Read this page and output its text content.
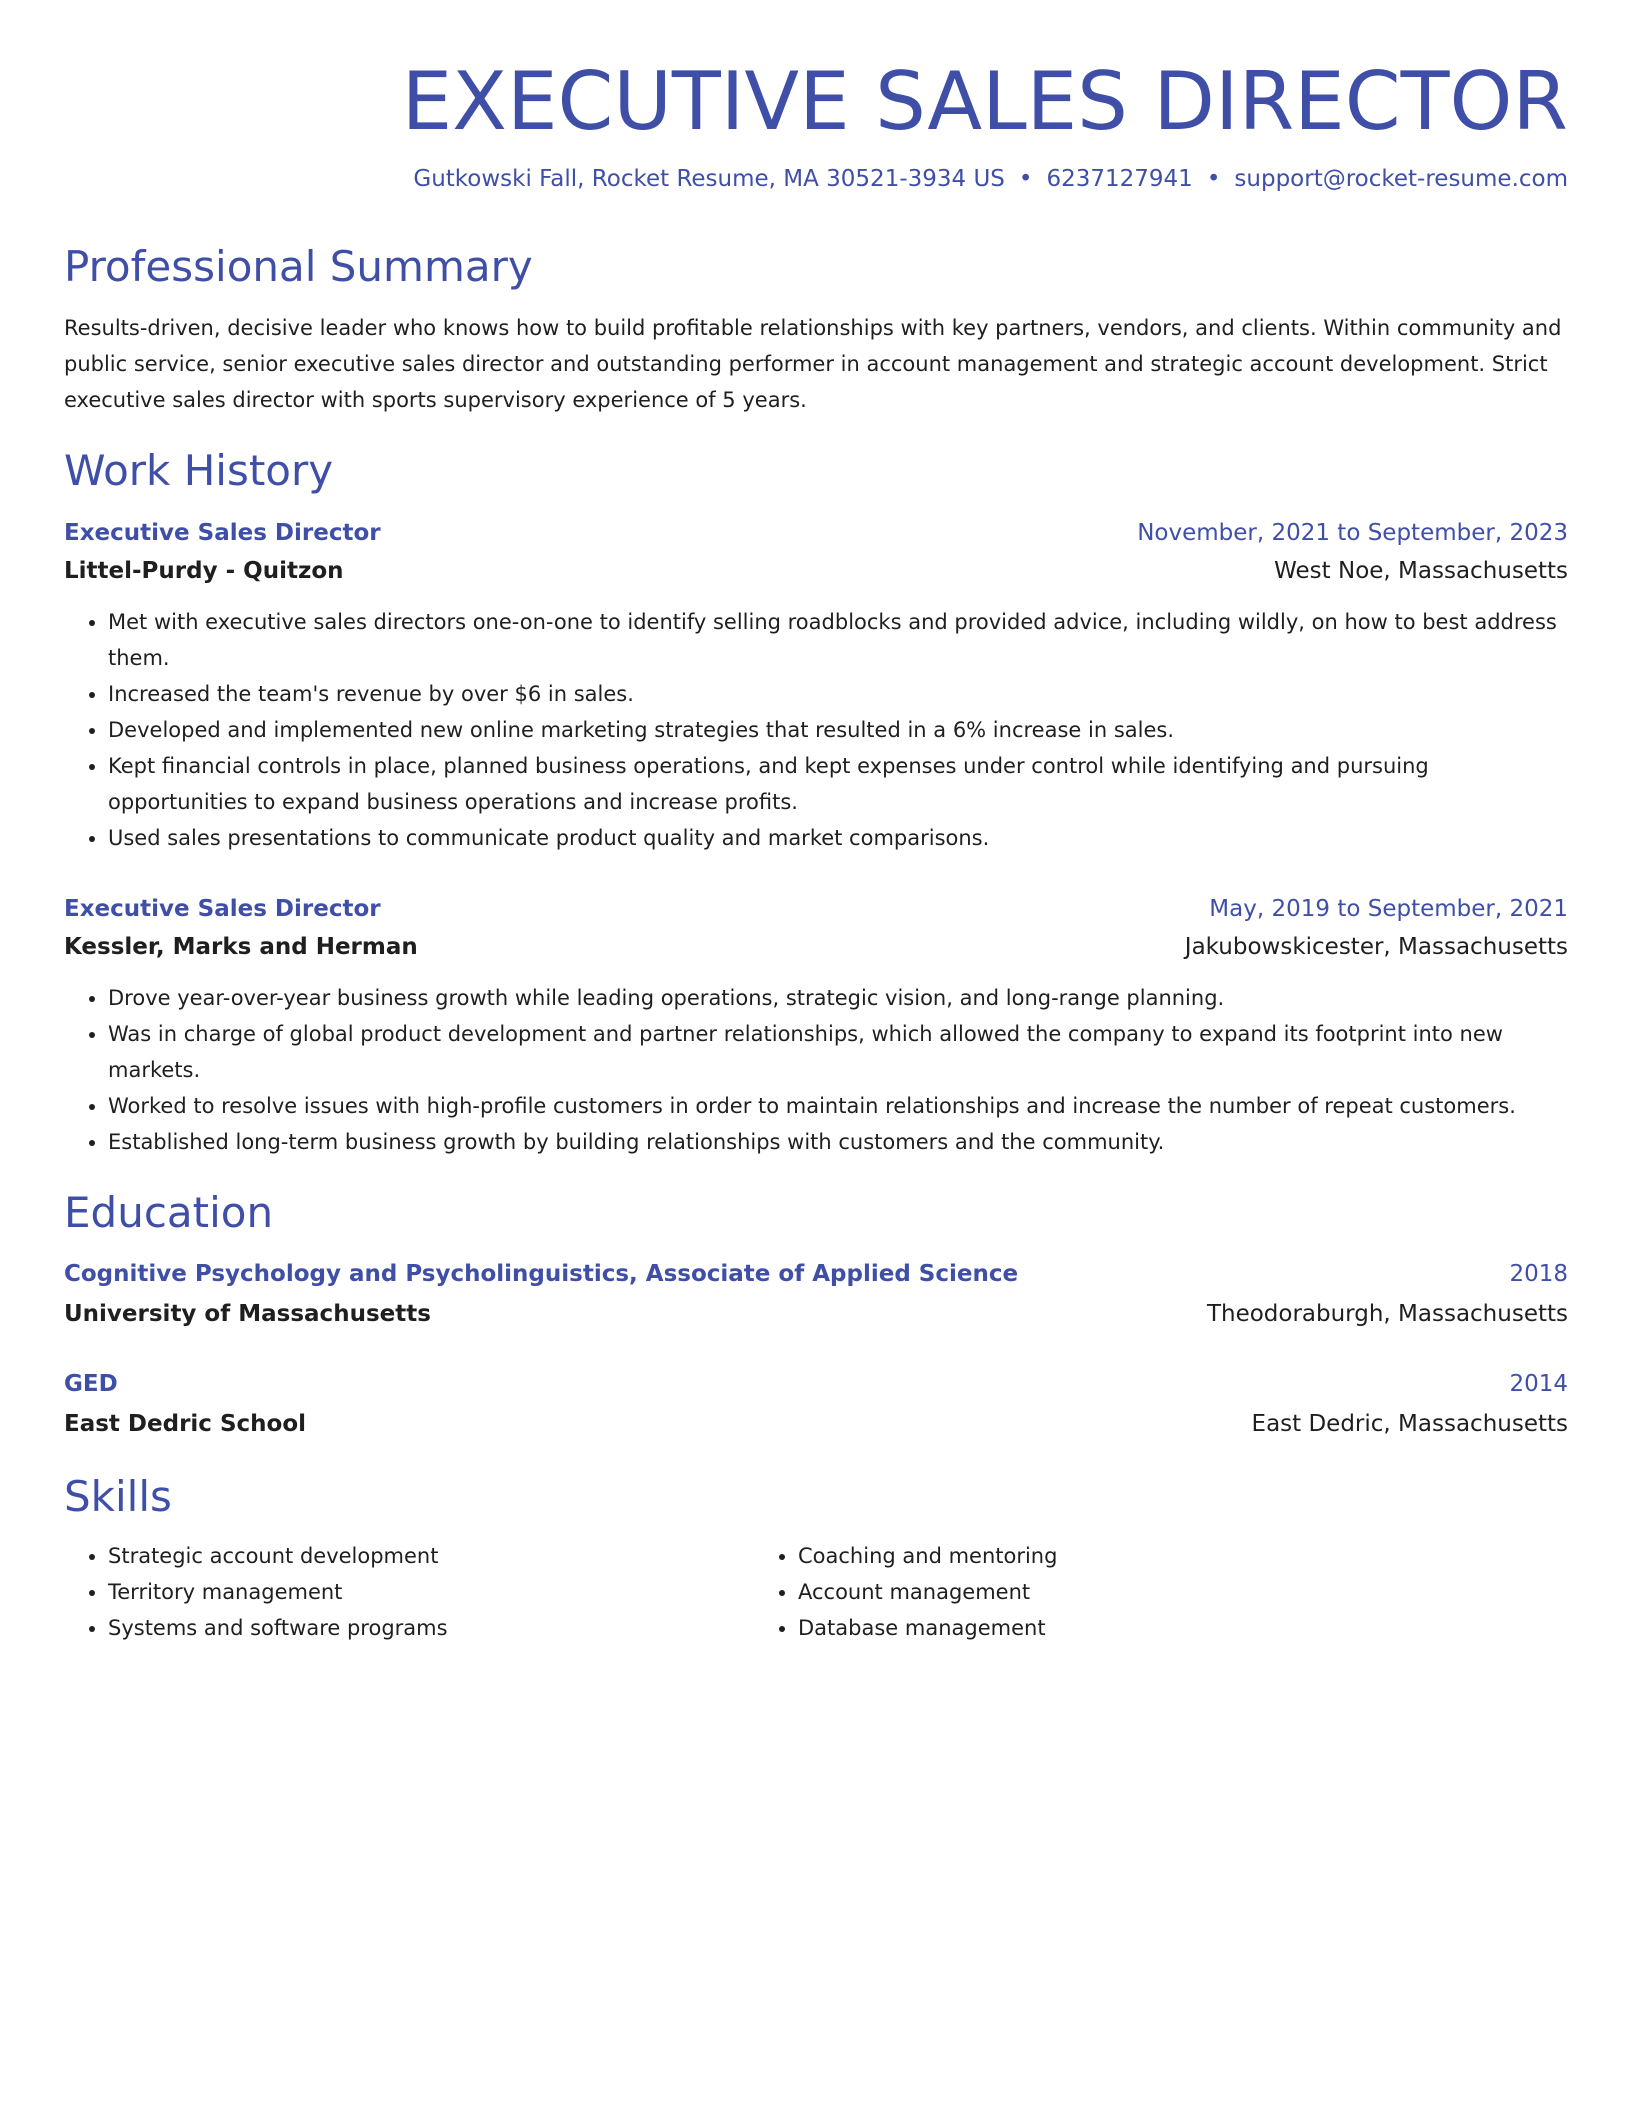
EXECUTIVE SALES DIRECTOR
Gutkowski Fall, Rocket Resume, MA 30521-3934 US • 6237127941 • support@rocket-resume.com
Professional Summary

Results-driven, decisive leader who knows how to build profitable relationships with key partners, vendors, and clients. Within community and public service, senior executive sales director and outstanding performer in account management and strategic account development. Strict executive sales director with sports supervisory experience of 5 years.

Work History
Executive Sales Director	November, 2021 to September, 2023
Littel-Purdy - Quitzon	West Noe, Massachusetts
• Met with executive sales directors one-on-one to identify selling roadblocks and provided advice, including wildly, on how to best address them.
• Increased the team's revenue by over $6 in sales.
• Developed and implemented new online marketing strategies that resulted in a 6% increase in sales.
• Kept financial controls in place, planned business operations, and kept expenses under control while identifying and pursuing opportunities to expand business operations and increase profits.
• Used sales presentations to communicate product quality and market comparisons.
Executive Sales Director	May, 2019 to September, 2021
Kessler, Marks and Herman	Jakubowskicester, Massachusetts
• Drove year-over-year business growth while leading operations, strategic vision, and long-range planning.
• Was in charge of global product development and partner relationships, which allowed the company to expand its footprint into new markets.
• Worked to resolve issues with high-profile customers in order to maintain relationships and increase the number of repeat customers.
• Established long-term business growth by building relationships with customers and the community.
Education
Cognitive Psychology and Psycholinguistics, Associate of Applied Science	2018
University of Massachusetts	Theodoraburgh, Massachusetts
GED	2014
East Dedric School	East Dedric, Massachusetts
Skills
• Strategic account development
• Territory management
• Systems and software programs
• Coaching and mentoring
• Account management
• Database management
